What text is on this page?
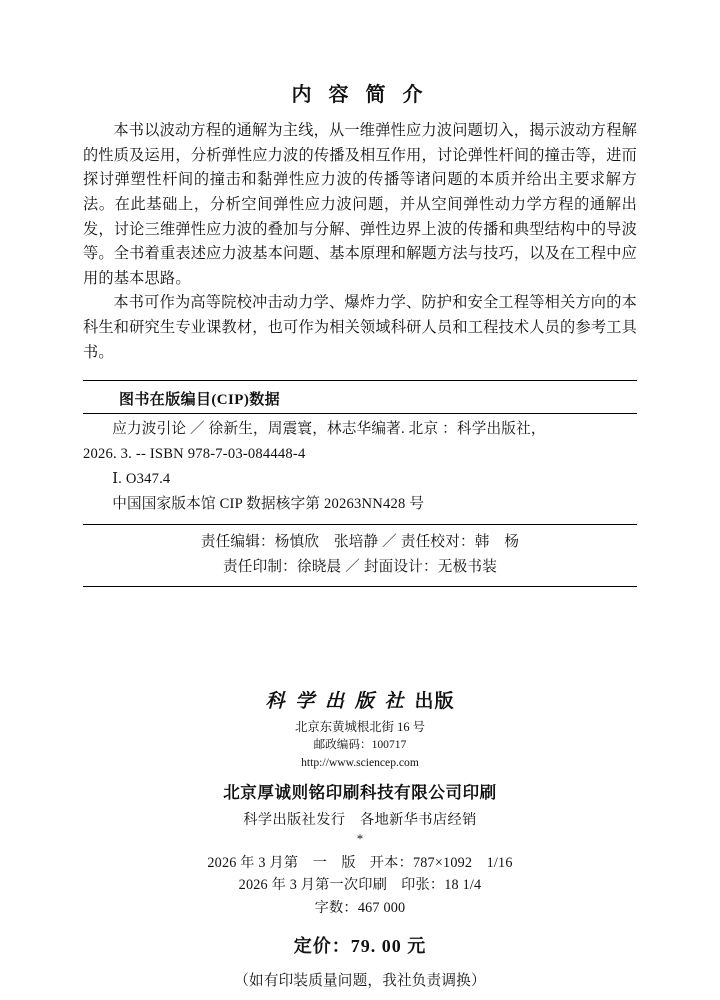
内 容 简 介

本书以波动方程的通解为主线，从一维弹性应力波问题切入，揭示波动方程解的性质及运用，分析弹性应力波的传播及相互作用，讨论弹性杆间的撞击等，进而探讨弹塑性杆间的撞击和黏弹性应力波的传播等诸问题的本质并给出主要求解方法。在此基础上，分析空间弹性应力波问题，并从空间弹性动力学方程的通解出发，讨论三维弹性应力波的叠加与分解、弹性边界上波的传播和典型结构中的导波等。全书着重表述应力波基本问题、基本原理和解题方法与技巧，以及在工程中应用的基本思路。

本书可作为高等院校冲击动力学、爆炸力学、防护和安全工程等相关方向的本科生和研究生专业课教材，也可作为相关领域科研人员和工程技术人员的参考工具书。

图书在版编目(CIP)数据
应力波引论 ／ 徐新生，周震寰，林志华编著. 北京 ：科学出版社，
2026. 3. -- ISBN 978-7-03-084448-4
Ⅰ. O347.4
中国国家版本馆 CIP 数据核字第 20263NN428 号
责任编辑：杨慎欣　张培静 ／ 责任校对：韩　杨
责任印制：徐晓晨 ／ 封面设计：无极书装
科 学 出 版 社 出版
北京东黄城根北街 16 号
邮政编码：100717
http://www.sciencep.com
北京厚诚则铭印刷科技有限公司印刷
科学出版社发行　各地新华书店经销
*
2026 年 3 月第　一　版 开本：787×1092　1/16
2026 年 3 月第一次印刷 印张：18 1/4
字数：467 000
定价：79. 00 元
（如有印装质量问题，我社负责调换）
